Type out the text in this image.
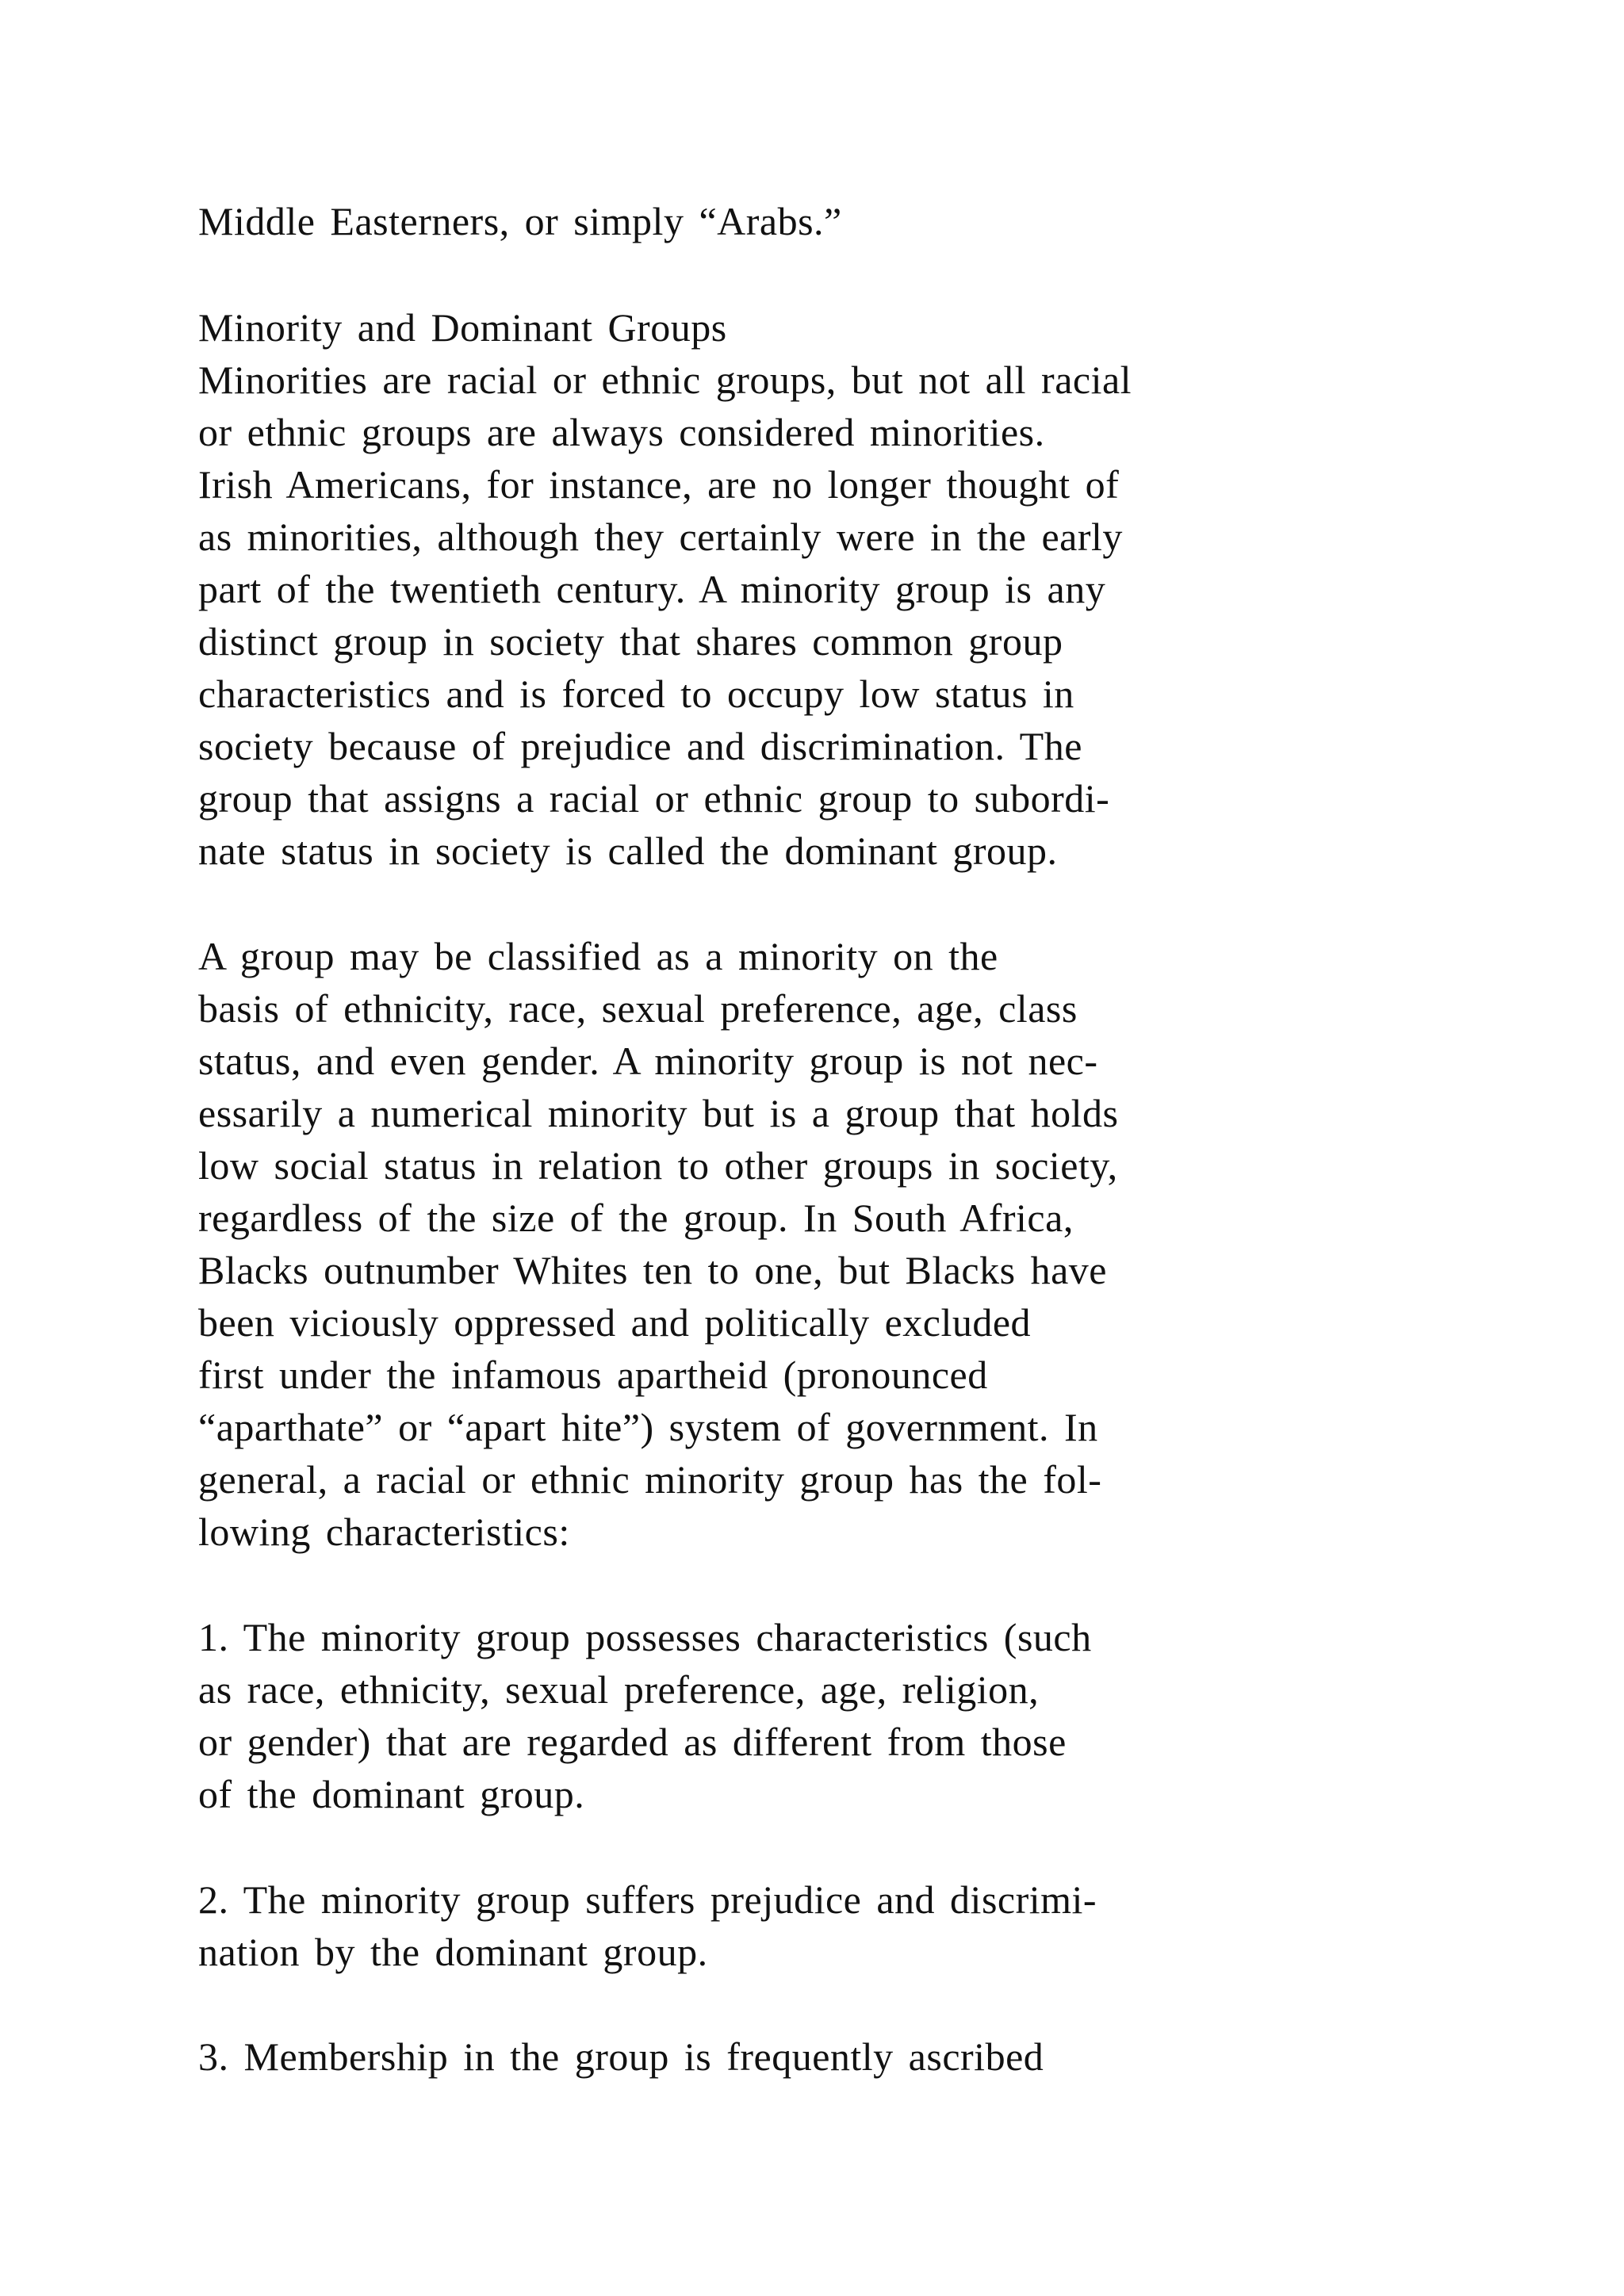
Middle Easterners, or simply “Arabs.”

Minority and Dominant Groups

Minorities are racial or ethnic groups, but not all racial

or ethnic groups are always considered minorities.

Irish Americans, for instance, are no longer thought of

as minorities, although they certainly were in the early

part of the twentieth century. A minority group is any

distinct group in society that shares common group

characteristics and is forced to occupy low status in

society because of prejudice and discrimination. The

group that assigns a racial or ethnic group to subordi-

nate status in society is called the dominant group.

A group may be classified as a minority on the

basis of ethnicity, race, sexual preference, age, class

status, and even gender. A minority group is not nec-

essarily a numerical minority but is a group that holds

low social status in relation to other groups in society,

regardless of the size of the group. In South Africa,

Blacks outnumber Whites ten to one, but Blacks have

been viciously oppressed and politically excluded

first under the infamous apartheid (pronounced

“aparthate” or “apart hite”) system of government. In

general, a racial or ethnic minority group has the fol-

lowing characteristics:

1. The minority group possesses characteristics (such

as race, ethnicity, sexual preference, age, religion,

or gender) that are regarded as different from those

of the dominant group.

2. The minority group suffers prejudice and discrimi-

nation by the dominant group.

3. Membership in the group is frequently ascribed
